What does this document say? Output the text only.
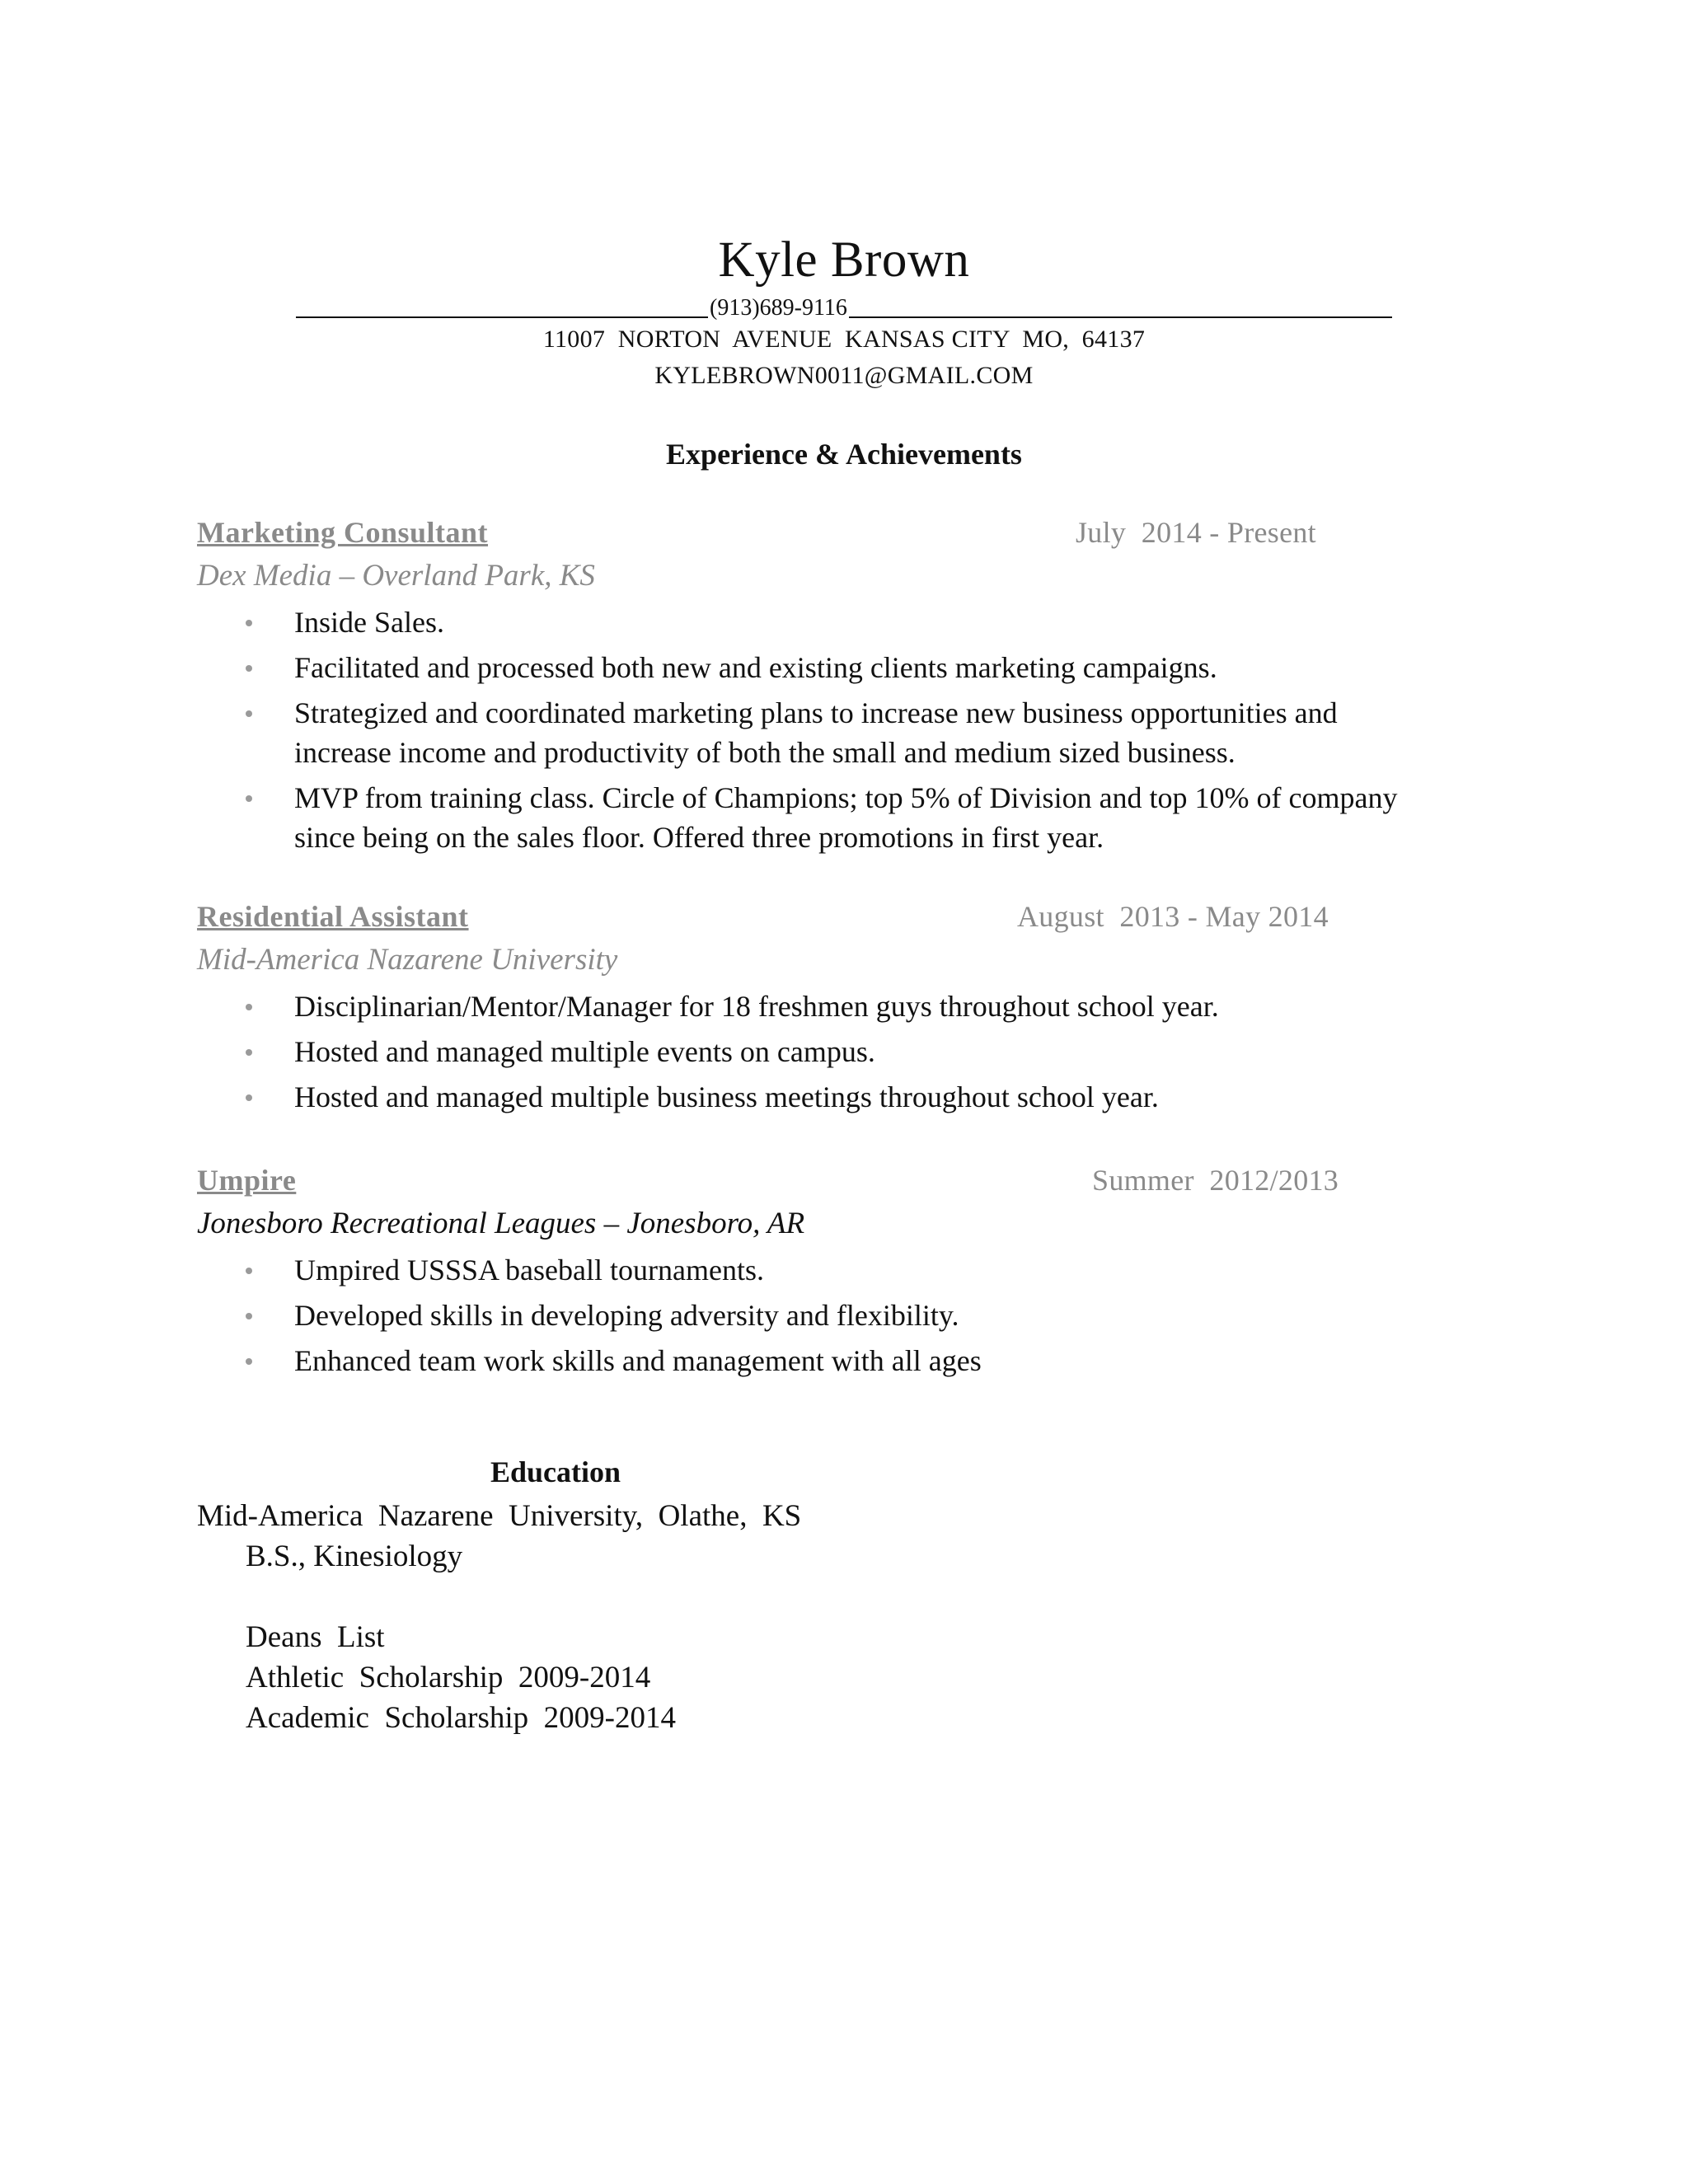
Kyle Brown
(913)689-9116
11007  NORTON  AVENUE  KANSAS CITY  MO,  64137
KYLEBROWN0011@GMAIL.COM
Experience & Achievements
Marketing Consultant	July  2014 - Present
Dex Media – Overland Park, KS
Inside Sales.
Facilitated and processed both new and existing clients marketing campaigns.
Strategized and coordinated marketing plans to increase new business opportunities and increase income and productivity of both the small and medium sized business.
MVP from training class. Circle of Champions; top 5% of Division and top 10% of company since being on the sales floor. Offered three promotions in first year.
Residential Assistant	August  2013 - May 2014
Mid-America Nazarene University
Disciplinarian/Mentor/Manager for 18 freshmen guys throughout school year.
Hosted and managed multiple events on campus.
Hosted and managed multiple business meetings throughout school year.
Umpire	Summer  2012/2013
Jonesboro Recreational Leagues – Jonesboro, AR
Umpired USSSA baseball tournaments.
Developed skills in developing adversity and flexibility.
Enhanced team work skills and management with all ages
Education
Mid-America  Nazarene  University,  Olathe,  KS
B.S., Kinesiology
Deans  List
Athletic  Scholarship  2009-2014
Academic  Scholarship  2009-2014
